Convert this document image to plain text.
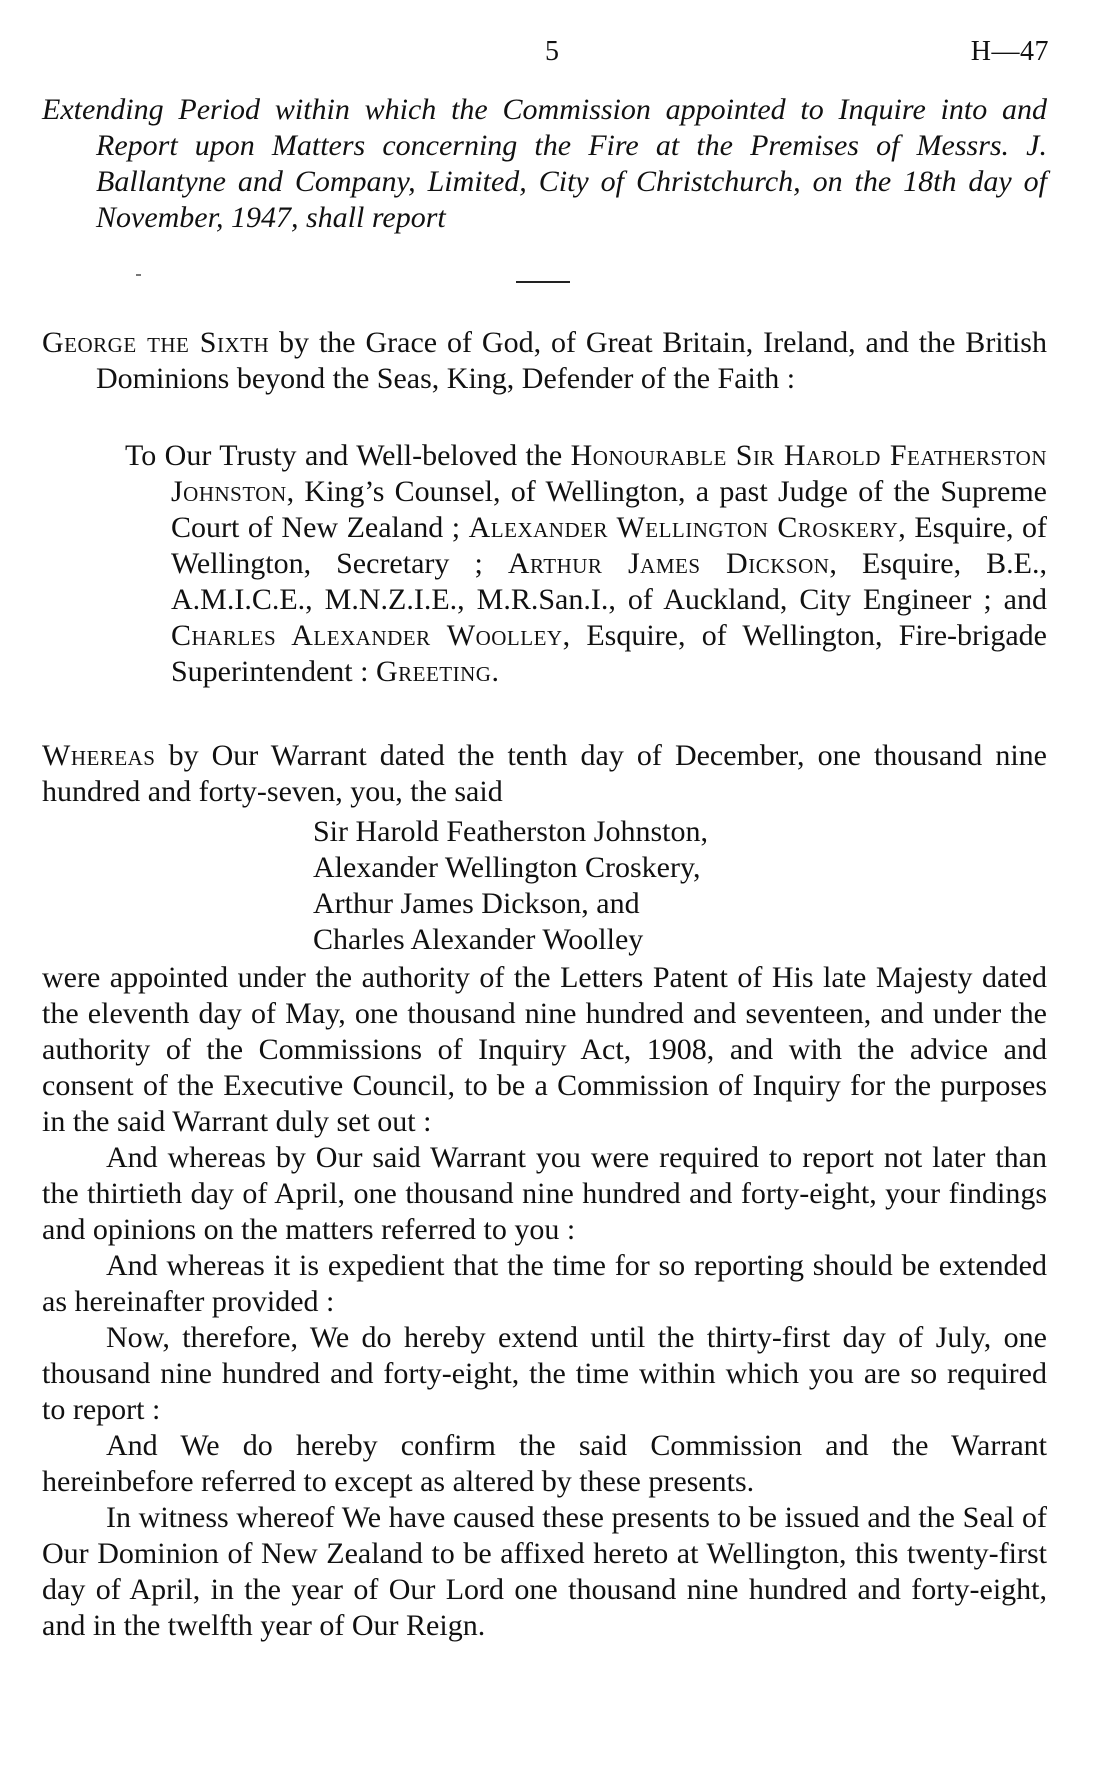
5	H—47
Extending Period within which the Commission appointed to Inquire into and Report upon Matters concerning the Fire at the Premises of Messrs. J. Ballantyne and Company, Limited, City of Christchurch, on the 18th day of November, 1947, shall report
George the Sixth by the Grace of God, of Great Britain, Ireland, and the British Dominions beyond the Seas, King, Defender of the Faith :
To Our Trusty and Well-beloved the Honourable Sir Harold Featherston Johnston, King’s Counsel, of Wellington, a past Judge of the Supreme Court of New Zealand ; Alexander Wellington Croskery, Esquire, of Wellington, Secretary ; Arthur James Dickson, Esquire, B.E., A.M.I.C.E., M.N.Z.I.E., M.R.San.I., of Auckland, City Engineer ; and Charles Alexander Woolley, Esquire, of Wellington, Fire-brigade Superintendent : Greeting.
Whereas by Our Warrant dated the tenth day of December, one thousand nine hundred and forty-seven, you, the said
Sir Harold Featherston Johnston,
Alexander Wellington Croskery,
Arthur James Dickson, and
Charles Alexander Woolley

were appointed under the authority of the Letters Patent of His late Majesty dated the eleventh day of May, one thousand nine hundred and seventeen, and under the authority of the Commissions of Inquiry Act, 1908, and with the advice and consent of the Executive Council, to be a Commission of Inquiry for the purposes in the said Warrant duly set out :

And whereas by Our said Warrant you were required to report not later than the thirtieth day of April, one thousand nine hundred and forty-eight, your findings and opinions on the matters referred to you :

And whereas it is expedient that the time for so reporting should be extended as hereinafter provided :

Now, therefore, We do hereby extend until the thirty-first day of July, one thousand nine hundred and forty-eight, the time within which you are so required to report :

And We do hereby confirm the said Commission and the Warrant hereinbefore referred to except as altered by these presents.

In witness whereof We have caused these presents to be issued and the Seal of Our Dominion of New Zealand to be affixed hereto at Wellington, this twenty-first day of April, in the year of Our Lord one thousand nine hundred and forty-eight, and in the twelfth year of Our Reign.
